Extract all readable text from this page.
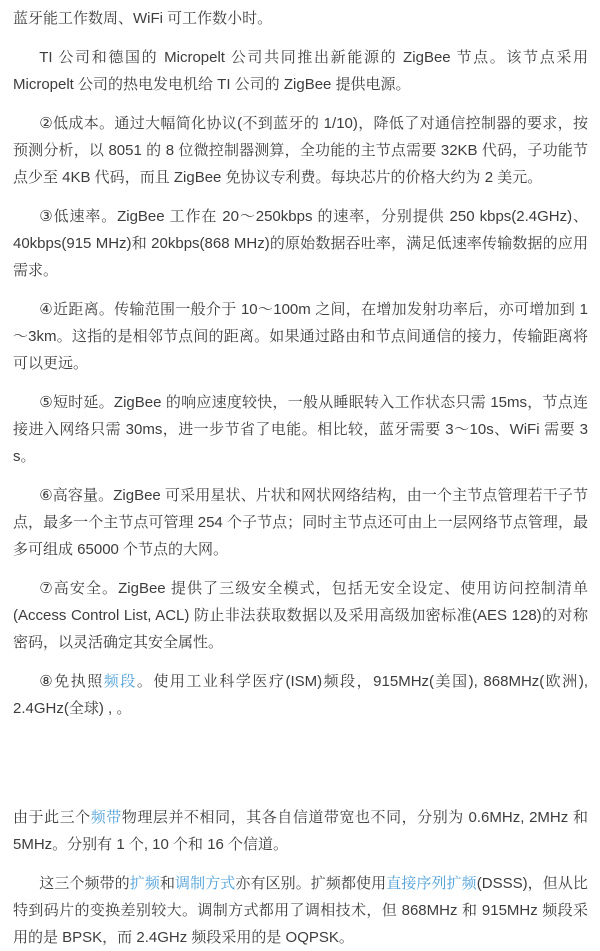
蓝牙能工作数周、WiFi 可工作数小时。

TI 公司和德国的 Micropelt 公司共同推出新能源的 ZigBee 节点。该节点采用 Micropelt 公司的热电发电机给 TI 公司的 ZigBee 提供电源。

②低成本。通过大幅简化协议(不到蓝牙的 1/10)，降低了对通信控制器的要求，按预测分析，以 8051 的 8 位微控制器测算，全功能的主节点需要 32KB 代码，子功能节点少至 4KB 代码，而且 ZigBee 免协议专利费。每块芯片的价格大约为 2 美元。

③低速率。ZigBee 工作在 20～250kbps 的速率，分别提供 250 kbps(2.4GHz)、40kbps(915 MHz)和 20kbps(868 MHz)的原始数据吞吐率，满足低速率传输数据的应用需求。

④近距离。传输范围一般介于 10～100m 之间，在增加发射功率后，亦可增加到 1～3km。这指的是相邻节点间的距离。如果通过路由和节点间通信的接力，传输距离将可以更远。

⑤短时延。ZigBee 的响应速度较快，一般从睡眠转入工作状态只需 15ms，节点连接进入网络只需 30ms，进一步节省了电能。相比较，蓝牙需要 3～10s、WiFi 需要 3 s。

⑥高容量。ZigBee 可采用星状、片状和网状网络结构，由一个主节点管理若干子节点，最多一个主节点可管理 254 个子节点；同时主节点还可由上一层网络节点管理，最多可组成 65000 个节点的大网。

⑦高安全。ZigBee 提供了三级安全模式，包括无安全设定、使用访问控制清单(Access Control List, ACL) 防止非法获取数据以及采用高级加密标准(AES 128)的对称密码，以灵活确定其安全属性。

⑧免执照频段。使用工业科学医疗(ISM)频段，915MHz(美国), 868MHz(欧洲), 2.4GHz(全球) , 。

由于此三个频带物理层并不相同，其各自信道带宽也不同，分别为 0.6MHz, 2MHz 和 5MHz。分别有 1 个, 10 个和 16 个信道。

这三个频带的扩频和调制方式亦有区别。扩频都使用直接序列扩频(DSSS)，但从比特到码片的变换差别较大。调制方式都用了调相技术，但 868MHz 和 915MHz 频段采用的是 BPSK，而 2.4GHz 频段采用的是 OQPSK。
